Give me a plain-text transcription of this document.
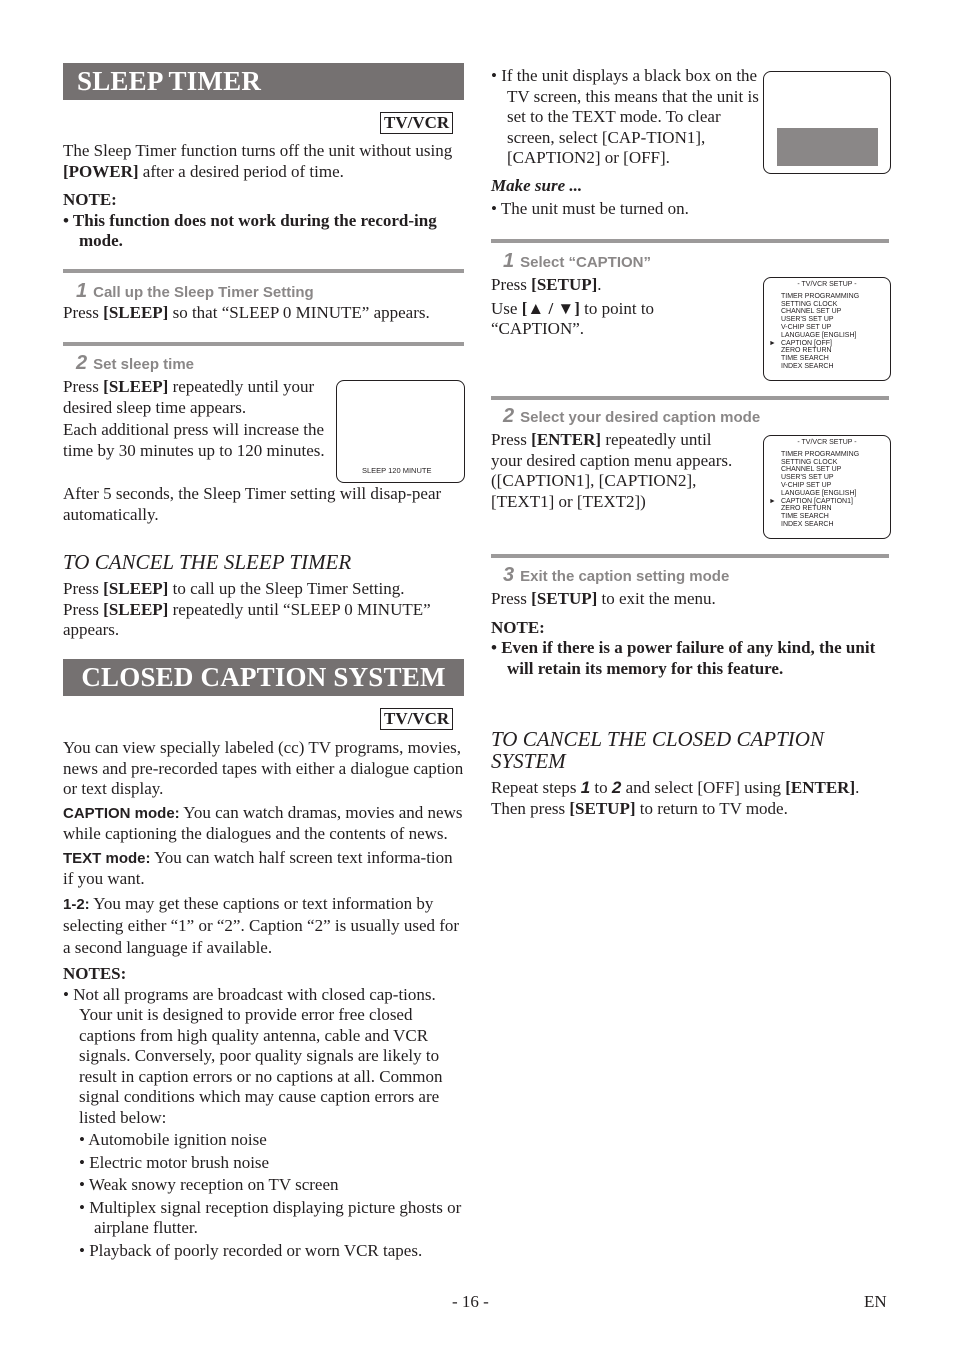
SLEEP TIMER
TV/VCR

The Sleep Timer function turns off the unit without using [POWER] after a desired period of time.

NOTE:

• This function does not work during the record-ing mode.

1 Call up the Sleep Timer Setting

Press [SLEEP] so that “SLEEP 0 MINUTE” appears.

2 Set sleep time

Press [SLEEP] repeatedly until your desired sleep time appears.

Each additional press will increase the time by 30 minutes up to 120 minutes.

SLEEP 120 MINUTE

After 5 seconds, the Sleep Timer setting will disap-pear automatically.

TO CANCEL THE SLEEP TIMER

Press [SLEEP] to call up the Sleep Timer Setting.

Press [SLEEP] repeatedly until “SLEEP 0 MINUTE” appears.

CLOSED CAPTION SYSTEM
TV/VCR

You can view specially labeled (cc) TV programs, movies, news and pre-recorded tapes with either a dialogue caption or text display.

CAPTION mode: You can watch dramas, movies and news while captioning the dialogues and the contents of news.

TEXT mode: You can watch half screen text informa-tion if you want.

1-2: You may get these captions or text information by selecting either “1” or “2”. Caption “2” is usually used for a second language if available.

NOTES:

• Not all programs are broadcast with closed cap-tions. Your unit is designed to provide error free closed captions from high quality antenna, cable and VCR signals. Conversely, poor quality signals are likely to result in caption errors or no captions at all. Common signal conditions which may cause caption errors are listed below:

• Automobile ignition noise

• Electric motor brush noise

• Weak snowy reception on TV screen

• Multiplex signal reception displaying picture ghosts or airplane flutter.

• Playback of poorly recorded or worn VCR tapes.

• If the unit displays a black box on the TV screen, this means that the unit is set to the TEXT mode. To clear screen, select [CAP-TION1], [CAPTION2] or [OFF].

Make sure ...

• The unit must be turned on.

1 Select “CAPTION”

Press [SETUP].

Use [▲ / ▼] to point to “CAPTION”.

- TV/VCR SETUP -
TIMER PROGRAMMING
SETTING CLOCK
CHANNEL SET UP
USER'S SET UP
V-CHIP SET UP
LANGUAGE [ENGLISH]
► CAPTION [OFF]
ZERO RETURN
TIME SEARCH
INDEX SEARCH
2 Select your desired caption mode

Press [ENTER] repeatedly until your desired caption menu appears.

([CAPTION1], [CAPTION2], [TEXT1] or [TEXT2])

- TV/VCR SETUP -
TIMER PROGRAMMING
SETTING CLOCK
CHANNEL SET UP
USER'S SET UP
V-CHIP SET UP
LANGUAGE [ENGLISH]
► CAPTION [CAPTION1]
ZERO RETURN
TIME SEARCH
INDEX SEARCH
3 Exit the caption setting mode

Press [SETUP] to exit the menu.

NOTE:

• Even if there is a power failure of any kind, the unit will retain its memory for this feature.

TO CANCEL THE CLOSED CAPTION SYSTEM

Repeat steps 1 to 2 and select [OFF] using [ENTER].

Then press [SETUP] to return to TV mode.

- 16 -	EN
